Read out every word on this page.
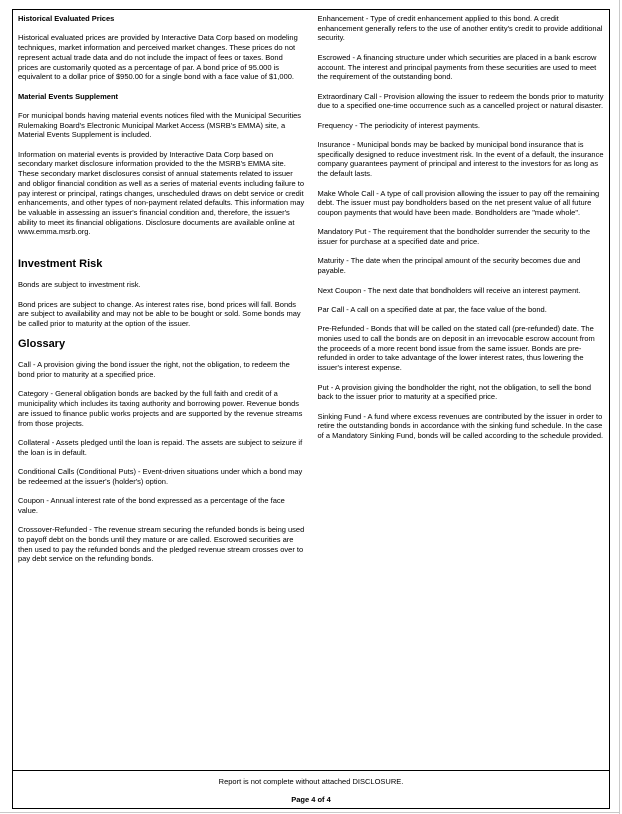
Historical Evaluated Prices

Historical evaluated prices are provided by Interactive Data Corp based on modeling techniques, market information and perceived market changes. These prices do not represent actual trade data and do not include the impact of fees or taxes. Bond prices are customarily quoted as a percentage of par. A bond price of 95.000 is equivalent to a dollar price of $950.00 for a single bond with a face value of $1,000.

Material Events Supplement

For municipal bonds having material events notices filed with the Municipal Securities Rulemaking Board's Electronic Municipal Market Access (MSRB's EMMA) site, a Material Events Supplement is included.

Information on material events is provided by Interactive Data Corp based on secondary market disclosure information provided to the the MSRB's EMMA site. These secondary market disclosures consist of annual statements related to issuer and obligor financial condition as well as a series of material events including failure to pay interest or principal, ratings changes, unscheduled draws on debt service or credit enhancements, and other types of non-payment related defaults. This information may be valuable in assessing an issuer's financial condition and, therefore, the issuer's ability to meet its financial obligations. Disclosure documents are available online at www.emma.msrb.org.

Investment Risk

Bonds are subject to investment risk.

Bond prices are subject to change. As interest rates rise, bond prices will fall. Bonds are subject to availability and may not be able to be bought or sold. Some bonds may be called prior to maturity at the option of the issuer.

Glossary

Call - A provision giving the bond issuer the right, not the obligation, to redeem the bond prior to maturity at a specified price.

Category - General obligation bonds are backed by the full faith and credit of a municipality which includes its taxing authority and borrowing power. Revenue bonds are issued to finance public works projects and are supported by the revenue streams from those projects.

Collateral - Assets pledged until the loan is repaid. The assets are subject to seizure if the loan is in default.

Conditional Calls (Conditional Puts) - Event-driven situations under which a bond may be redeemed at the issuer's (holder's) option.

Coupon - Annual interest rate of the bond expressed as a percentage of the face value.

Crossover-Refunded - The revenue stream securing the refunded bonds is being used to payoff debt on the bonds until they mature or are called. Escrowed securities are then used to pay the refunded bonds and the pledged revenue stream crosses over to pay debt service on the refunding bonds.

Enhancement - Type of credit enhancement applied to this bond. A credit enhancement generally refers to the use of another entity's credit to provide additional security.

Escrowed - A financing structure under which securities are placed in a bank escrow account. The interest and principal payments from these securities are used to meet the requirement of the outstanding bond.

Extraordinary Call - Provision allowing the issuer to redeem the bonds prior to maturity due to a specified one-time occurrence such as a cancelled project or natural disaster.

Frequency - The periodicity of interest payments.

Insurance - Municipal bonds may be backed by municipal bond insurance that is specifically designed to reduce investment risk. In the event of a default, the insurance company guarantees payment of principal and interest to the investors for as long as the default lasts.

Make Whole Call - A type of call provision allowing the issuer to pay off the remaining debt. The issuer must pay bondholders based on the net present value of all future coupon payments that would have been made. Bondholders are "made whole".

Mandatory Put - The requirement that the bondholder surrender the security to the issuer for purchase at a specified date and price.

Maturity - The date when the principal amount of the security becomes due and payable.

Next Coupon - The next date that bondholders will receive an interest payment.

Par Call - A call on a specified date at par, the face value of the bond.

Pre-Refunded - Bonds that will be called on the stated call (pre-refunded) date. The monies used to call the bonds are on deposit in an irrevocable escrow account from the proceeds of a more recent bond issue from the same issuer. Bonds are pre-refunded in order to take advantage of the lower interest rates, thus lowering the issuer's interest expense.

Put - A provision giving the bondholder the right, not the obligation, to sell the bond back to the issuer prior to maturity at a specified price.

Sinking Fund - A fund where excess revenues are contributed by the issuer in order to retire the outstanding bonds in accordance with the sinking fund schedule. In the case of a Mandatory Sinking Fund, bonds will be called according to the schedule provided.

Report is not complete without attached DISCLOSURE.
Page 4 of 4
